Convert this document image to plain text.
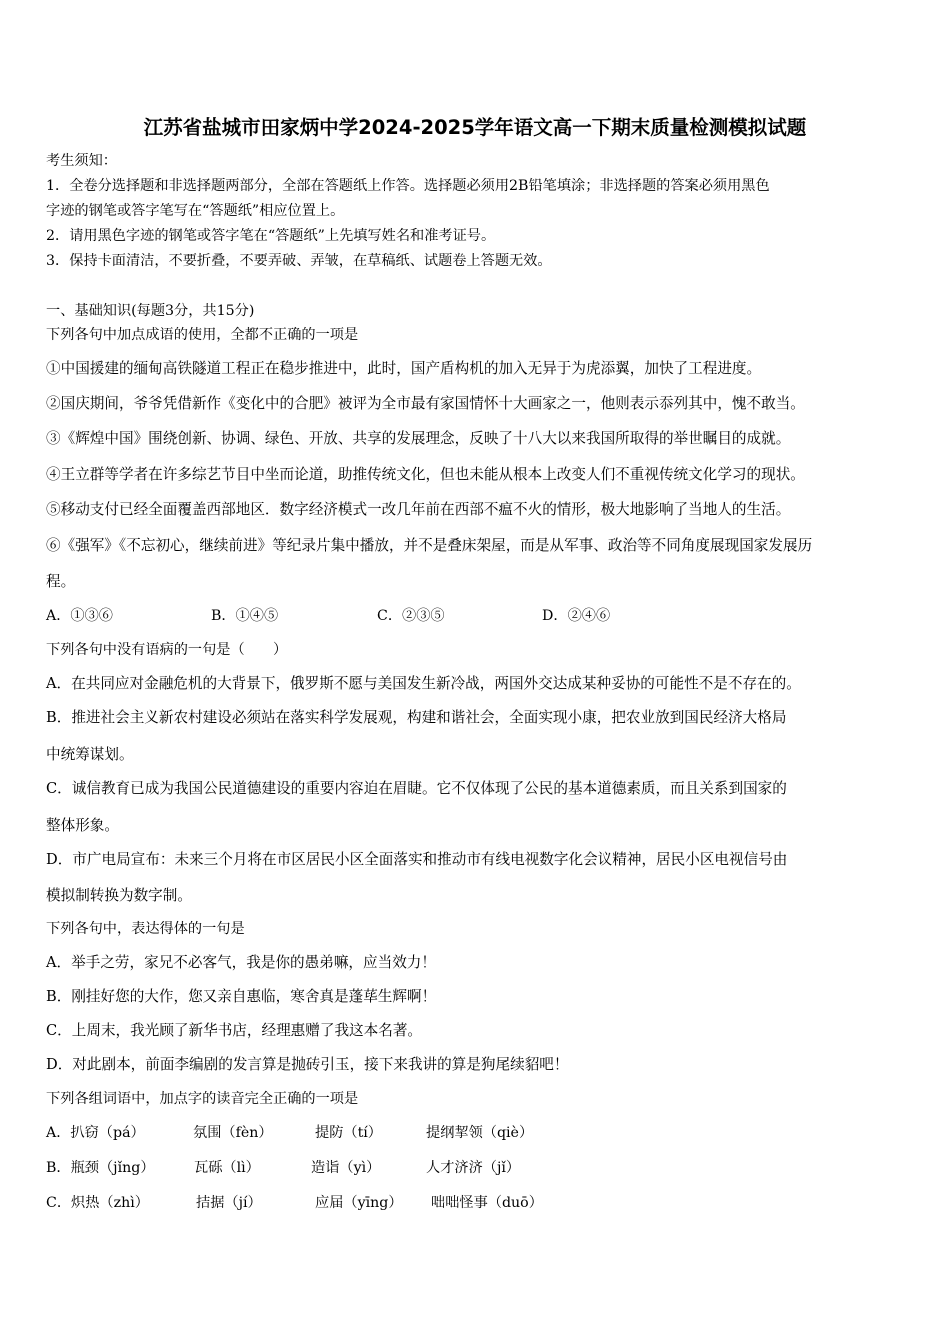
江苏省盐城市田家炳中学2024-2025学年语文高一下期末质量检测模拟试题
考生须知：
1．全卷分选择题和非选择题两部分，全部在答题纸上作答。选择题必须用2B铅笔填涂；非选择题的答案必须用黑色
字迹的钢笔或答字笔写在“答题纸”相应位置上。
2．请用黑色字迹的钢笔或答字笔在“答题纸”上先填写姓名和准考证号。
3．保持卡面清洁，不要折叠，不要弄破、弄皱，在草稿纸、试题卷上答题无效。
一、基础知识(每题3分，共15分)
下列各句中加点成语的使用，全都不正确的一项是
①中国援建的缅甸高铁隧道工程正在稳步推进中，此时，国产盾构机的加入无异于为虎添翼，加快了工程进度。
②国庆期间，爷爷凭借新作《变化中的合肥》被评为全市最有家国情怀十大画家之一，他则表示忝列其中，愧不敢当。
③《辉煌中国》围绕创新、协调、绿色、开放、共享的发展理念，反映了十八大以来我国所取得的举世瞩目的成就。
④王立群等学者在许多综艺节目中坐而论道，助推传统文化，但也未能从根本上改变人们不重视传统文化学习的现状。
⑤移动支付已经全面覆盖西部地区．数字经济模式一改几年前在西部不瘟不火的情形，极大地影响了当地人的生活。
⑥《强军》《不忘初心，继续前进》等纪录片集中播放，并不是叠床架屋，而是从军事、政治等不同角度展现国家发展历
程。
A．①③⑥	B．①④⑤	C．②③⑤	D．②④⑥
下列各句中没有语病的一句是（　　）
A．在共同应对金融危机的大背景下，俄罗斯不愿与美国发生新冷战，两国外交达成某种妥协的可能性不是不存在的。
B．推进社会主义新农村建设必须站在落实科学发展观，构建和谐社会，全面实现小康，把农业放到国民经济大格局
中统筹谋划。
C．诚信教育已成为我国公民道德建设的重要内容迫在眉睫。它不仅体现了公民的基本道德素质，而且关系到国家的
整体形象。
D．市广电局宣布：未来三个月将在市区居民小区全面落实和推动市有线电视数字化会议精神，居民小区电视信号由
模拟制转换为数字制。
下列各句中，表达得体的一句是
A．举手之劳，家兄不必客气，我是你的愚弟嘛，应当效力！
B．刚挂好您的大作，您又亲自惠临，寒舍真是蓬荜生辉啊！
C．上周末，我光顾了新华书店，经理惠赠了我这本名著。
D．对此剧本，前面李编剧的发言算是抛砖引玉，接下来我讲的算是狗尾续貂吧！
下列各组词语中，加点字的读音完全正确的一项是
A．扒窃（pá）	氛围（fèn）	提防（tí）	提纲挈领（qiè）
B．瓶颈（jǐng）	瓦砾（lì）	造诣（yì）	人才济济（jǐ）
C．炽热（zhì）	拮据（jí）	应届（yīng） 咄咄怪事（duō）
